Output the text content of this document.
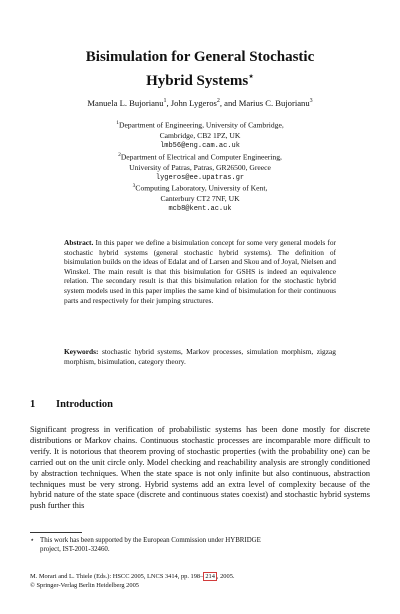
Bisimulation for General Stochastic
Hybrid Systems⋆
Manuela L. Bujorianu$^1$, John Lygeros$^2$, and Marius C. Bujorianu$^3$
$^1$Department of Engineering, University of Cambridge,
Cambridge, CB2 1PZ, UK
lmb56@eng.cam.ac.uk
$^2$Department of Electrical and Computer Engineering,
University of Patras, Patras, GR26500, Greece
lygeros@ee.upatras.gr
$^3$Computing Laboratory, University of Kent,
Canterbury CT2 7NF, UK
mcb8@kent.ac.uk
Abstract. In this paper we define a bisimulation concept for some very general models for stochastic hybrid systems (general stochastic hybrid systems). The definition of bisimulation builds on the ideas of Edalat and of Larsen and Skou and of Joyal, Nielsen and Winskel. The main result is that this bisimulation for GSHS is indeed an equivalence relation. The secondary result is that this bisimulation relation for the stochastic hybrid system models used in this paper implies the same kind of bisimulation for their continuous parts and respectively for their jumping structures.
Keywords: stochastic hybrid systems, Markov processes, simulation morphism, zigzag morphism, bisimulation, category theory.
1 Introduction
Significant progress in verification of probabilistic systems has been done mostly for discrete distributions or Markov chains. Continuous stochastic processes are incomparable more difficult to verify. It is notorious that theorem proving of stochastic properties (with the probability one) can be carried out on the unit circle only. Model checking and reachability analysis are strongly conditioned by abstraction techniques. When the state space is not only infinite but also continuous, abstraction techniques must be very strong. Hybrid systems add an extra level of complexity because of the hybrid nature of the state space (discrete and continuous states coexist) and stochastic hybrid systems push further this
⋆ This work has been supported by the European Commission under HYBRIDGE
project, IST-2001-32460.
M. Morari and L. Thiele (Eds.): HSCC 2005, LNCS 3414, pp. 198– 214 , 2005.
© Springer-Verlag Berlin Heidelberg 2005
